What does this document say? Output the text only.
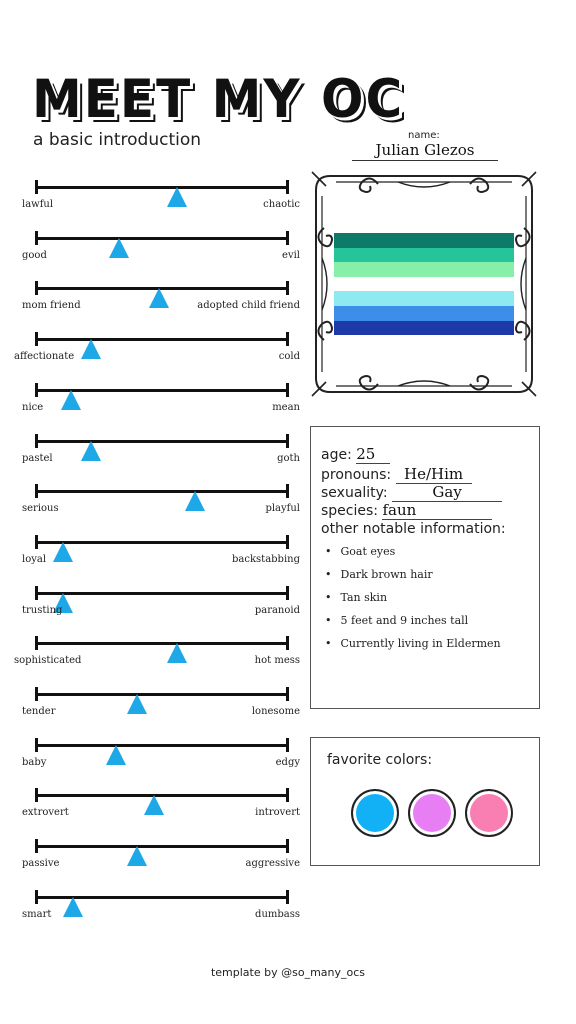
MEET MY OC
a basic introduction
lawful	chaotic
good	evil
mom friend	adopted child friend
affectionate	cold
nice	mean
pastel	goth
serious	playful
loyal	backstabbing
trusting	paranoid
sophisticated	hot mess
tender	lonesome
baby	edgy
extrovert	introvert
passive	aggressive
smart	dumbass
name:
Julian Glezos
age: 25
pronouns: He/Him
sexuality:	Gay
species: faun
other notable information:
• Goat eyes
• Dark brown hair
• Tan skin
• 5 feet and 9 inches tall
• Currently living in Eldermen
favorite colors:
template by @so_many_ocs
